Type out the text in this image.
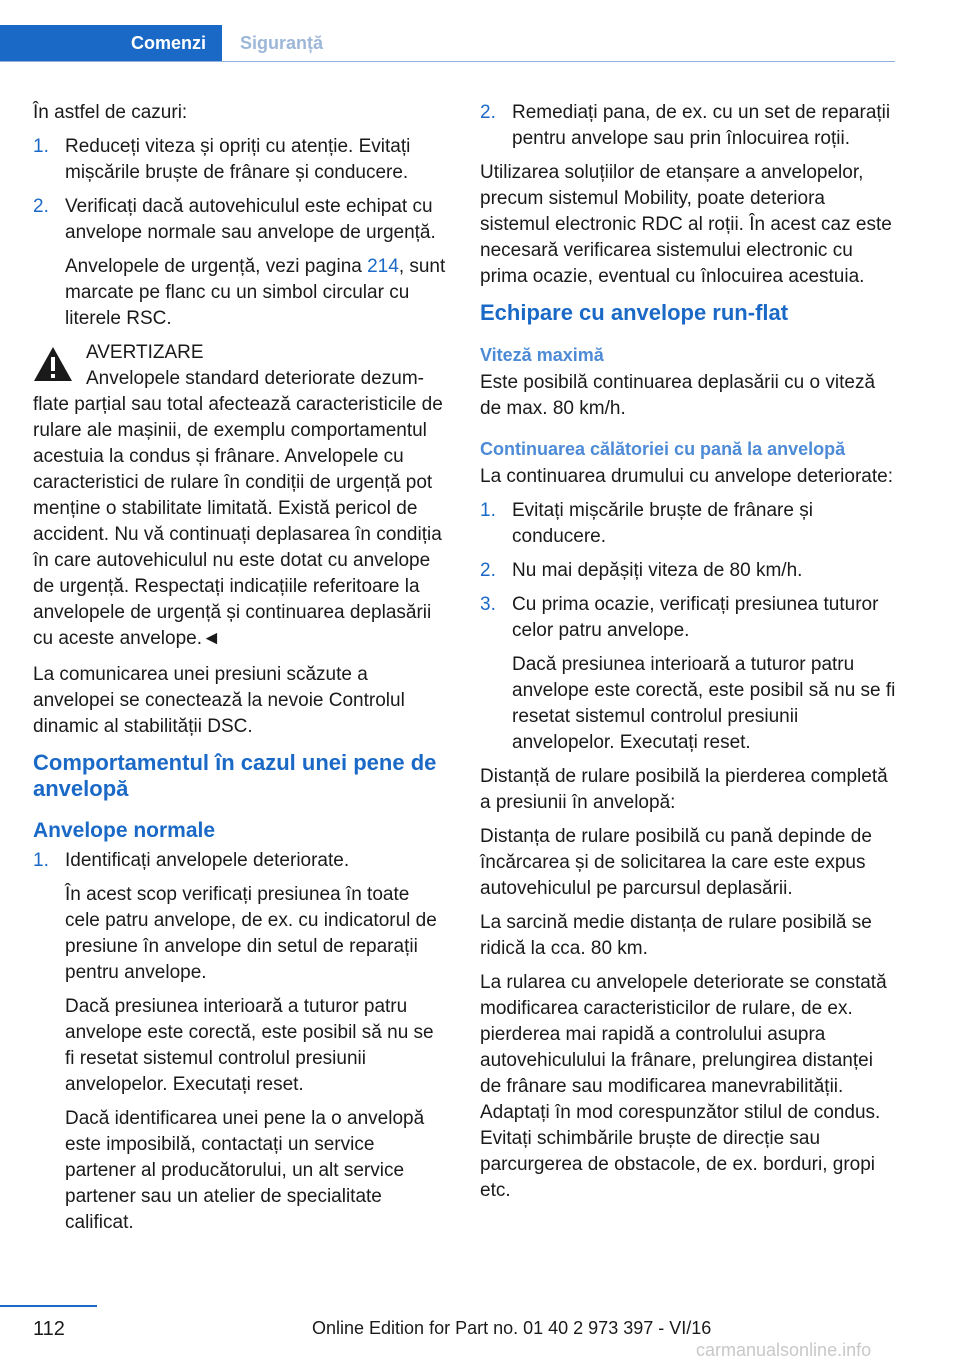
Comenzi	Siguranță

În astfel de cazuri:

1. Reduceți viteza și opriți cu atenție. Evitați mișcările bruște de frânare și conducere.
2. Verificați dacă autovehiculul este echipat cu anvelope normale sau anvelope de urgență.

Anvelopele de urgență, vezi pagina 214, sunt marcate pe flanc cu un simbol circular cu literele RSC.

AVERTIZARE
Anvelopele standard deteriorate dezum-
flate parțial sau total afectează caracteristicile de rulare ale mașinii, de exemplu comportamentul acestuia la condus și frânare. Anvelopele cu caracteristici de rulare în condiții de urgență pot menține o stabilitate limitată. Există pericol de accident. Nu vă continuați deplasarea în condiția în care autovehiculul nu este dotat cu anvelope de urgență. Respectați indicațiile referitoare la anvelopele de urgență și continuarea deplasării cu aceste anvelope.◄

La comunicarea unei presiuni scăzute a anvelopei se conectează la nevoie Controlul dinamic al stabilității DSC.

Comportamentul în cazul unei pene de anvelopă
Anvelope normale
1. Identificați anvelopele deteriorate.

În acest scop verificați presiunea în toate cele patru anvelope, de ex. cu indicatorul de presiune în anvelope din setul de reparații pentru anvelope.

Dacă presiunea interioară a tuturor patru anvelope este corectă, este posibil să nu se fi resetat sistemul controlul presiunii anvelopelor. Executați reset.

Dacă identificarea unei pene la o anvelopă este imposibilă, contactați un service partener al producătorului, un alt service partener sau un atelier de specialitate calificat.

2. Remediați pana, de ex. cu un set de reparații pentru anvelope sau prin înlocuirea roții.

Utilizarea soluțiilor de etanșare a anvelopelor, precum sistemul Mobility, poate deteriora sistemul electronic RDC al roții. În acest caz este necesară verificarea sistemului electronic cu prima ocazie, eventual cu înlocuirea acestuia.

Echipare cu anvelope run-flat
Viteză maximă

Este posibilă continuarea deplasării cu o viteză de max. 80 km/h.

Continuarea călătoriei cu pană la anvelopă

La continuarea drumului cu anvelope deteriorate:

1. Evitați mișcările bruște de frânare și conducere.
2. Nu mai depășiți viteza de 80 km/h.
3. Cu prima ocazie, verificați presiunea tuturor celor patru anvelope.

Dacă presiunea interioară a tuturor patru anvelope este corectă, este posibil să nu se fi resetat sistemul controlul presiunii anvelopelor. Executați reset.

Distanță de rulare posibilă la pierderea completă a presiunii în anvelopă:

Distanța de rulare posibilă cu pană depinde de încărcarea și de solicitarea la care este expus autovehiculul pe parcursul deplasării.

La sarcină medie distanța de rulare posibilă se ridică la cca. 80 km.

La rularea cu anvelopele deteriorate se constată modificarea caracteristicilor de rulare, de ex. pierderea mai rapidă a controlului asupra autovehiculului la frânare, prelungirea distanței de frânare sau modificarea manevrabilității. Adaptați în mod corespunzător stilul de condus. Evitați schimbările bruște de direcție sau parcurgerea de obstacole, de ex. borduri, gropi etc.

112	Online Edition for Part no. 01 40 2 973 397 - VI/16
carmanualsonline.info
